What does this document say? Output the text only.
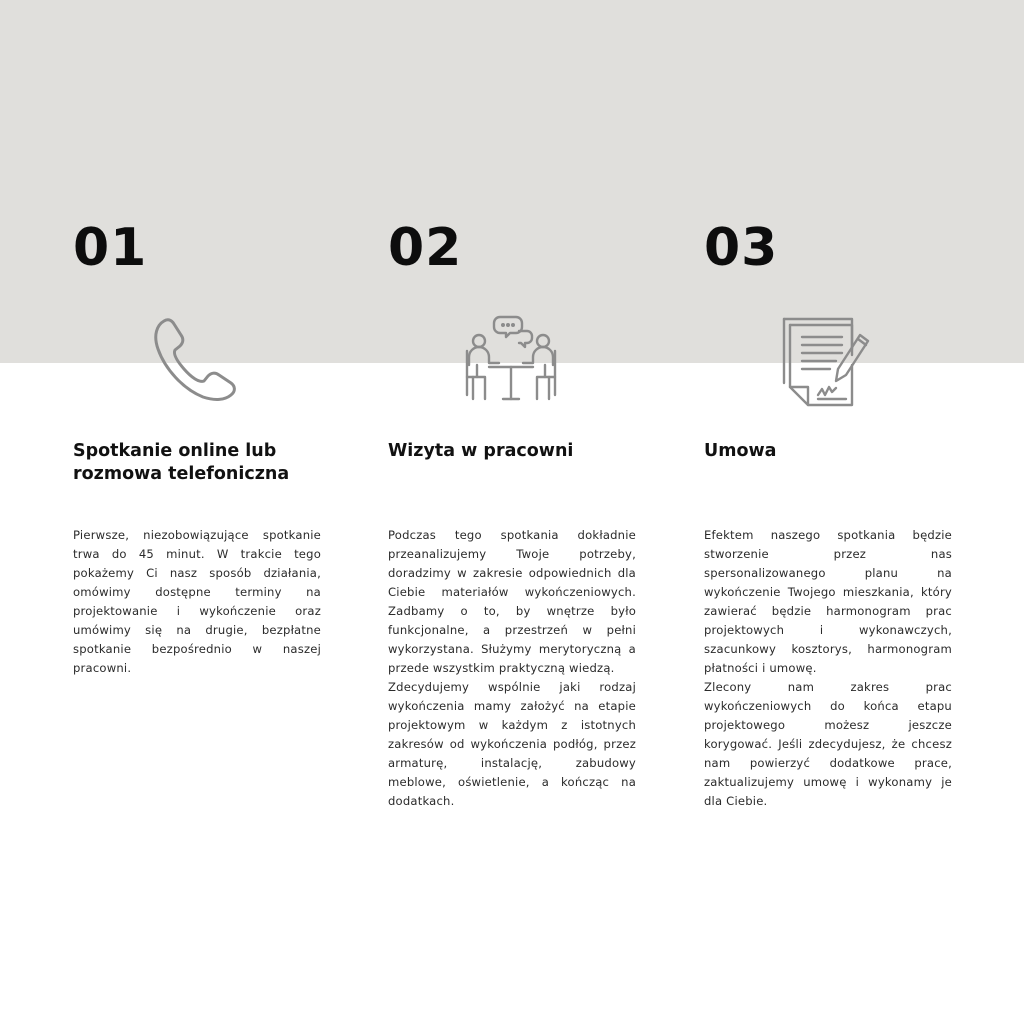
01
Spotkanie online lub rozmowa telefoniczna

Pierwsze, niezobowiązujące spotkanie trwa do 45 minut. W trakcie tego pokażemy Ci nasz sposób działania, omówimy dostępne terminy na projektowanie i wykończenie oraz umówimy się na drugie, bezpłatne spotkanie bezpośrednio w naszej pracowni.

02
Wizyta w pracowni

Podczas tego spotkania dokładnie przeanalizujemy Twoje potrzeby, doradzimy w zakresie odpowiednich dla Ciebie materiałów wykończeniowych. Zadbamy o to, by wnętrze było funkcjonalne, a przestrzeń w pełni wykorzystana. Służymy merytoryczną a przede wszystkim praktyczną wiedzą.

Zdecydujemy wspólnie jaki rodzaj wykończenia mamy założyć na etapie projektowym w każdym z istotnych zakresów od wykończenia podłóg, przez armaturę, instalację, zabudowy meblowe, oświetlenie, a kończąc na dodatkach.

03
Umowa

Efektem naszego spotkania będzie stworzenie przez nas spersonalizowanego planu na wykończenie Twojego mieszkania, który zawierać będzie harmonogram prac projektowych i wykonawczych, szacunkowy kosztorys, harmonogram płatności i umowę.

Zlecony nam zakres prac wykończeniowych do końca etapu projektowego możesz jeszcze korygować. Jeśli zdecydujesz, że chcesz nam powierzyć dodatkowe prace, zaktualizujemy umowę i wykonamy je dla Ciebie.
